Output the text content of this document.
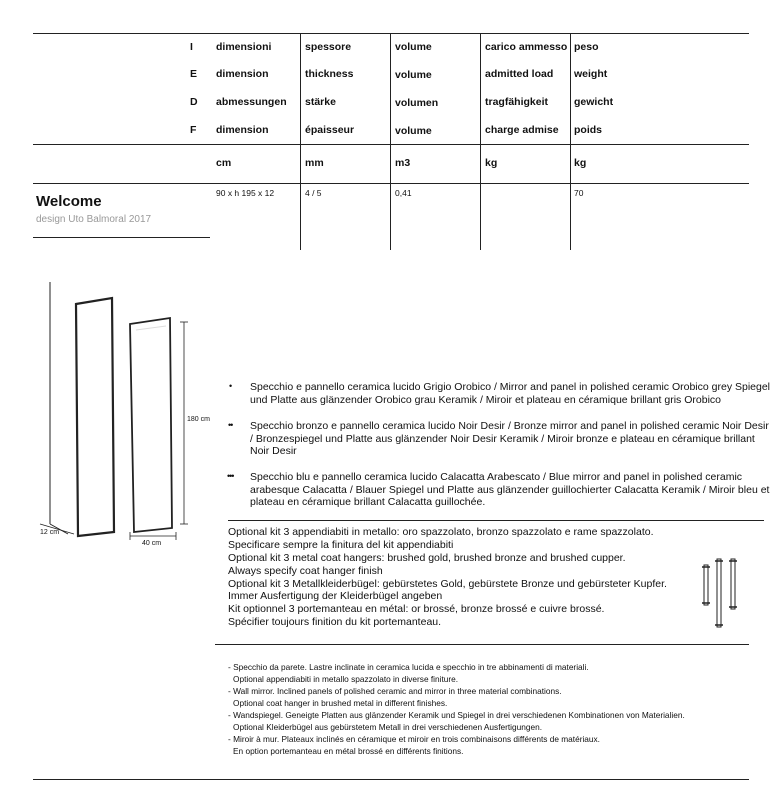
I
E
D
F
dimensioni
dimension
abmessungen
dimension
cm
90 x h 195 x 12
spessore
thickness
stärke
épaisseur
mm
4 / 5
volume
volume
volumen
volume
m3
0,41
carico ammesso
admitted load
tragfähigkeit
charge admise
kg
peso
weight
gewicht
poids
kg
70
Welcome
design Uto Balmoral 2017
180 cm
12 cm
40 cm
• Specchio e pannello ceramica lucido Grigio Orobico / Mirror and panel in polished ceramic Orobico grey Spiegel und Platte aus glänzender Orobico grau Keramik / Miroir et plateau en céramique brillant gris Orobico
•• Specchio bronzo e pannello ceramica lucido Noir Desir / Bronze mirror and panel in polished ceramic Noir Desir / Bronzespiegel und Platte aus glänzender Noir Desir Keramik / Miroir bronze e plateau en céramique brillant Noir Desir
••• Specchio blu e pannello ceramica lucido Calacatta Arabescato / Blue mirror and panel in polished ceramic arabesque Calacatta / Blauer Spiegel und Platte aus glänzender guillochierter Calacatta Keramik / Miroir bleu et plateau en céramique brillant Calacatta guillochée.
Optional kit 3 appendiabiti in metallo: oro spazzolato, bronzo spazzolato e rame spazzolato.
Specificare sempre la finitura del kit appendiabiti
Optional kit 3 metal coat hangers: brushed gold, brushed bronze and brushed cupper.
Always specify coat hanger finish
Optional kit 3 Metallkleiderbügel: gebürstetes Gold, gebürstete Bronze und gebürsteter Kupfer.
Immer Ausfertigung der Kleiderbügel angeben
Kit optionnel 3 portemanteau en métal: or brossé, bronze brossé e cuivre brossé.
Spécifier toujours finition du kit portemanteau.
- Specchio da parete. Lastre inclinate in ceramica lucida e specchio in tre abbinamenti di materiali.
Optional appendiabiti in metallo spazzolato in diverse finiture.
- Wall mirror. Inclined panels of polished ceramic and mirror in three material combinations.
Optional coat hanger in brushed metal in different finishes.
- Wandspiegel. Geneigte Platten aus glänzender Keramik und Spiegel in drei verschiedenen Kombinationen von Materialien.
Optional Kleiderbügel aus gebürstetem Metall in drei verschiedenen Ausfertigungen.
- Miroir à mur. Plateaux inclinés en céramique et miroir en trois combinaisons différents de matériaux.
En option portemanteau en métal brossé en différents finitions.
